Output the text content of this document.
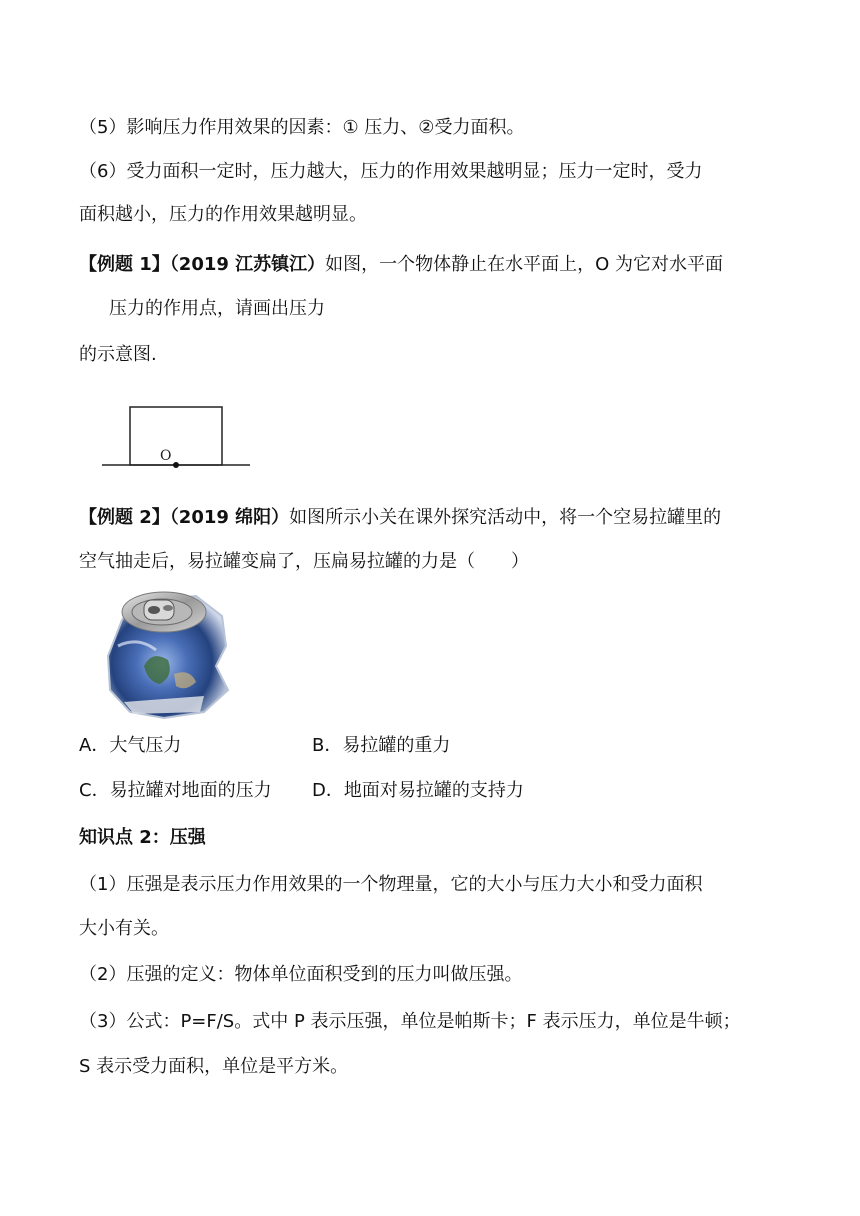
（5）影响压力作用效果的因素：① 压力、②受力面积。
（6）受力面积一定时，压力越大，压力的作用效果越明显；压力一定时，受力
面积越小，压力的作用效果越明显。
【例题 1】（2019 江苏镇江）如图，一个物体静止在水平面上，O 为它对水平面
压力的作用点，请画出压力
的示意图.
O
【例题 2】（2019 绵阳）如图所示小关在课外探究活动中，将一个空易拉罐里的
空气抽走后，易拉罐变扁了，压扁易拉罐的力是（　　）
A．大气压力	B．易拉罐的重力
C．易拉罐对地面的压力 D．地面对易拉罐的支持力
知识点 2：压强
（1）压强是表示压力作用效果的一个物理量，它的大小与压力大小和受力面积
大小有关。
（2）压强的定义：物体单位面积受到的压力叫做压强。
（3）公式：P=F/S。式中 P 表示压强，单位是帕斯卡；F 表示压力，单位是牛顿；
S 表示受力面积，单位是平方米。
